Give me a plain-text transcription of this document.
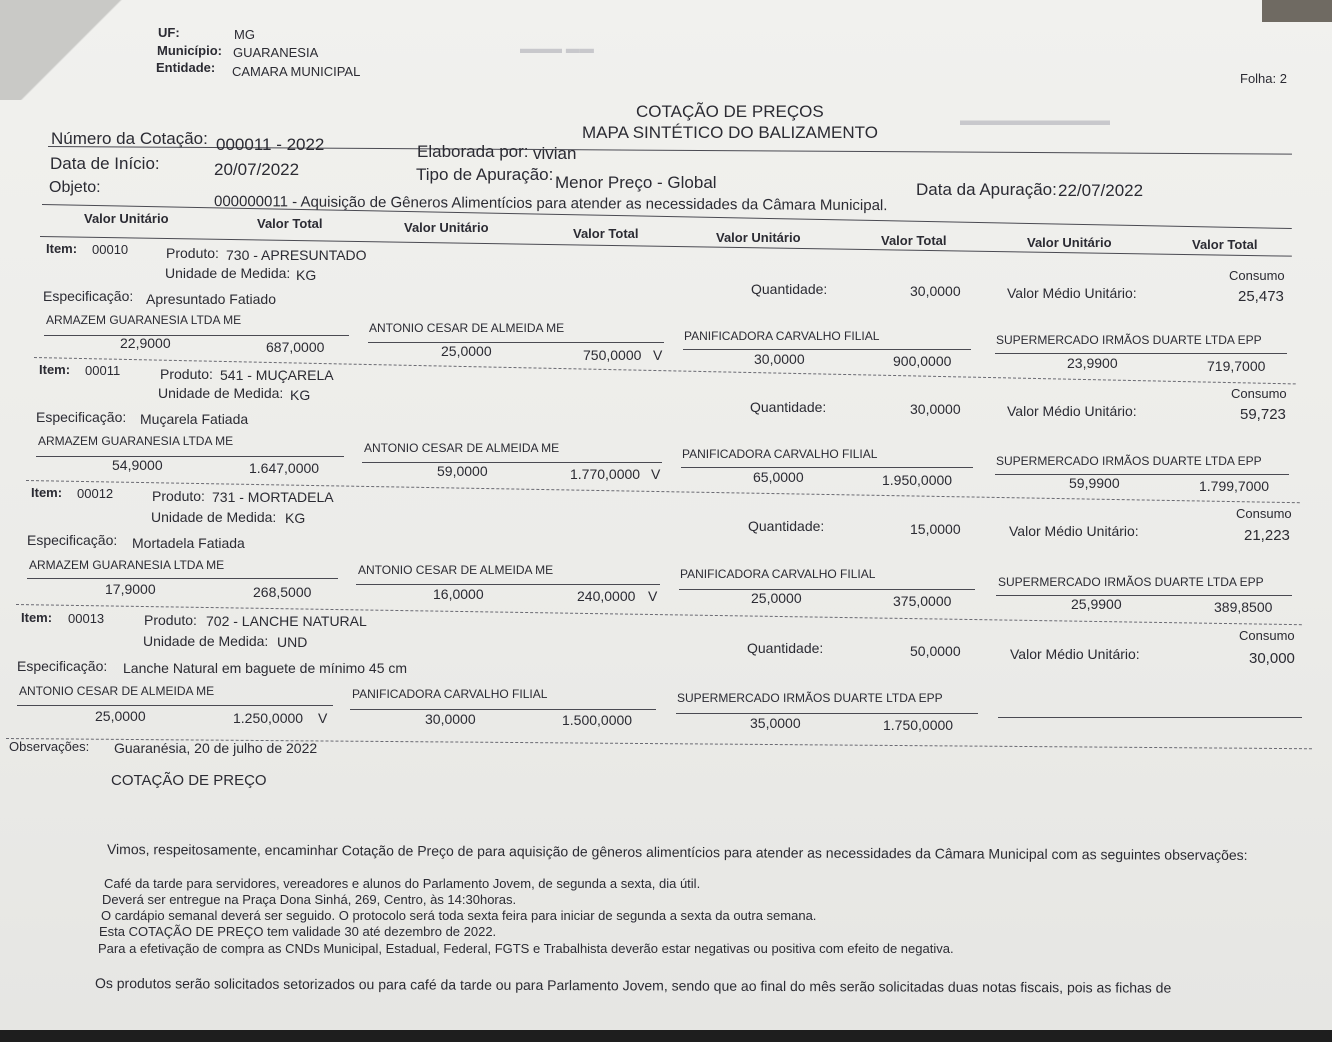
▬▬▬▬▬▬▬▬▬▬
▬▬▬ ▬▬
UF:	MG
Município: GUARANESIA
Entidade: CAMARA MUNICIPAL	Folha: 2
COTAÇÃO DE PREÇOS
MAPA SINTÉTICO DO BALIZAMENTO
Número da Cotação: 000011 - 2022	Elaborada por: vivian
Data de Início:	20/07/2022	Tipo de Apuração: Menor Preço - Global
Objeto:
000000011 - Aquisição de Gêneros Alimentícios para atender as necessidades da Câmara Municipal.
Data da Apuração: 22/07/2022
Valor Unitário	Valor Total	Valor Unitário	Valor Total	Valor Unitário	Valor Total	Valor Unitário	Valor Total
Item: 00010	Produto: 730 - APRESUNTADO
Unidade de Medida: KG
Especificação: Apresuntado Fatiado
Quantidade:	30,0000
Consumo
Valor Médio Unitário:	25,473
ARMAZEM GUARANESIA LTDA ME
22,9000	687,0000
ANTONIO CESAR DE ALMEIDA ME
25,0000	750,0000 V
PANIFICADORA CARVALHO FILIAL
30,0000	900,0000
SUPERMERCADO IRMÃOS DUARTE LTDA EPP
23,9900	719,7000
Item: 00011	Produto: 541 - MUÇARELA
Unidade de Medida: KG
Especificação: Muçarela Fatiada
Quantidade:	30,0000
Consumo
Valor Médio Unitário:	59,723
ARMAZEM GUARANESIA LTDA ME
54,9000	1.647,0000
ANTONIO CESAR DE ALMEIDA ME
59,0000	1.770,0000 V
PANIFICADORA CARVALHO FILIAL
65,0000	1.950,0000
SUPERMERCADO IRMÃOS DUARTE LTDA EPP
59,9900	1.799,7000
Item: 00012	Produto: 731 - MORTADELA
Unidade de Medida: KG
Especificação: Mortadela Fatiada
Quantidade:	15,0000
Consumo
Valor Médio Unitário:	21,223
ARMAZEM GUARANESIA LTDA ME
17,9000	268,5000
ANTONIO CESAR DE ALMEIDA ME
16,0000	240,0000 V
PANIFICADORA CARVALHO FILIAL
25,0000	375,0000
SUPERMERCADO IRMÃOS DUARTE LTDA EPP
25,9900	389,8500
Item: 00013	Produto: 702 - LANCHE NATURAL
Unidade de Medida: UND
Especificação: Lanche Natural em baguete de mínimo 45 cm
Quantidade:	50,0000
Consumo
Valor Médio Unitário:	30,000
ANTONIO CESAR DE ALMEIDA ME
25,0000	1.250,0000 V
PANIFICADORA CARVALHO FILIAL
30,0000	1.500,0000
SUPERMERCADO IRMÃOS DUARTE LTDA EPP
35,0000	1.750,0000
Observações: Guaranésia, 20 de julho de 2022
COTAÇÃO DE PREÇO
Vimos, respeitosamente, encaminhar Cotação de Preço de para aquisição de gêneros alimentícios para atender as necessidades da Câmara Municipal com as seguintes observações:
Café da tarde para servidores, vereadores e alunos do Parlamento Jovem, de segunda a sexta, dia útil.
Deverá ser entregue na Praça Dona Sinhá, 269, Centro, às 14:30horas.
O cardápio semanal deverá ser seguido. O protocolo será toda sexta feira para iniciar de segunda a sexta da outra semana.
Esta COTAÇÃO DE PREÇO tem validade 30 até dezembro de 2022.
Para a efetivação de compra as CNDs Municipal, Estadual, Federal, FGTS e Trabalhista deverão estar negativas ou positiva com efeito de negativa.
Os produtos serão solicitados setorizados ou para café da tarde ou para Parlamento Jovem, sendo que ao final do mês serão solicitadas duas notas fiscais, pois as fichas de
